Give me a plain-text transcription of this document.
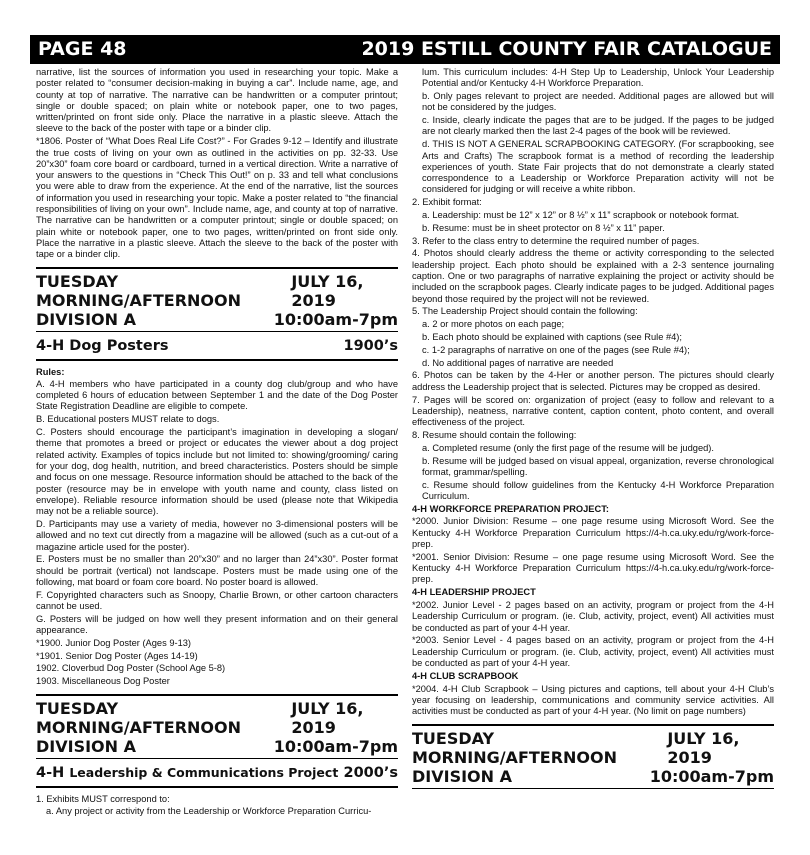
PAGE 48	2019 ESTILL COUNTY FAIR CATALOGUE

narrative, list the sources of information you used in researching your topic. Make a poster related to “consumer decision-making in buying a car”. Include name, age, and county at top of narrative. The narrative can be handwritten or a computer printout; single or double spaced; on plain white or notebook paper, one to two pages, written/printed on front side only. Place the narrative in a plastic sleeve. Attach the sleeve to the back of the poster with tape or a binder clip.

*1806. Poster of “What Does Real Life Cost?” - For Grades 9-12 – Identify and illustrate the true costs of living on your own as outlined in the activities on pp. 32-33. Use 20”x30” foam core board or cardboard, turned in a vertical direction. Write a narrative of your answers to the questions in “Check This Out!” on p. 33 and tell what conclusions you were able to draw from the experience. At the end of the narrative, list the sources of information you used in researching your topic. Make a poster related to “the financial responsibilities of living on your own”. Include name, age, and county at top of narrative. The narrative can be handwritten or a computer printout; single or double spaced; on plain white or notebook paper, one to two pages, written/printed on front side only. Place the narrative in a plastic sleeve. Attach the sleeve to the back of the poster with tape or a binder clip.

TUESDAY MORNING/AFTERNOON
JULY 16, 2019
DIVISION A	10:00am-7pm
4-H Dog Posters	1900’s

Rules:

A. 4-H members who have participated in a county dog club/group and who have completed 6 hours of education between September 1 and the date of the Dog Poster State Registration Deadline are eligible to compete.

B. Educational posters MUST relate to dogs.

C. Posters should encourage the participant’s imagination in developing a slogan/ theme that promotes a breed or project or educates the viewer about a dog project related activity. Examples of topics include but not limited to: showing/grooming/ caring for your dog, dog health, nutrition, and breed characteristics. Posters should be simple and focus on one message. Resource information should be attached to the back of the poster (resource may be in envelope with youth name and county, class listed on envelope). Reliable resource information should be used (please note that Wikipedia may not be a reliable source).

D. Participants may use a variety of media, however no 3-dimensional posters will be allowed and no text cut directly from a magazine will be allowed (such as a cut-out of a magazine article used for the poster).

E. Posters must be no smaller than 20”x30” and no larger than 24”x30”. Poster format should be portrait (vertical) not landscape. Posters must be made using one of the following, mat board or foam core board. No poster board is allowed.

F. Copyrighted characters such as Snoopy, Charlie Brown, or other cartoon characters cannot be used.

G. Posters will be judged on how well they present information and on their general appearance.

*1900. Junior Dog Poster (Ages 9-13)

*1901. Senior Dog Poster (Ages 14-19)

1902. Cloverbud Dog Poster (School Age 5-8)

1903. Miscellaneous Dog Poster

TUESDAY MORNING/AFTERNOON
JULY 16, 2019
DIVISION A	10:00am-7pm
4-H Leadership & Communications Project 2000’s

1. Exhibits MUST correspond to:

a. Any project or activity from the Leadership or Workforce Preparation Curricu-

lum. This curriculum includes: 4-H Step Up to Leadership, Unlock Your Leadership Potential and/or Kentucky 4-H Workforce Preparation.

b. Only pages relevant to project are needed. Additional pages are allowed but will not be considered by the judges.

c. Inside, clearly indicate the pages that are to be judged. If the pages to be judged are not clearly marked then the last 2-4 pages of the book will be reviewed.

d. THIS IS NOT A GENERAL SCRAPBOOKING CATEGORY. (For scrapbooking, see Arts and Crafts) The scrapbook format is a method of recording the leadership experiences of youth. State Fair projects that do not demonstrate a clearly stated correspondence to a Leadership or Workforce Preparation activity will not be considered for judging or will receive a white ribbon.

2. Exhibit format:

a. Leadership: must be 12” x 12” or 8 ½” x 11” scrapbook or notebook format.

b. Resume: must be in sheet protector on 8 ½” x 11” paper.

3. Refer to the class entry to determine the required number of pages.

4. Photos should clearly address the theme or activity corresponding to the selected leadership project. Each photo should be explained with a 2-3 sentence journaling caption. One or two paragraphs of narrative explaining the project or activity should be included on the scrapbook pages. Clearly indicate pages to be judged. Additional pages beyond those required by the project will not be reviewed.

5. The Leadership Project should contain the following:

a. 2 or more photos on each page;

b. Each photo should be explained with captions (see Rule #4);

c. 1-2 paragraphs of narrative on one of the pages (see Rule #4);

d. No additional pages of narrative are needed

6. Photos can be taken by the 4-Her or another person. The pictures should clearly address the Leadership project that is selected. Pictures may be cropped as desired.

7. Pages will be scored on: organization of project (easy to follow and relevant to a Leadership), neatness, narrative content, caption content, photo content, and overall effectiveness of the project.

8. Resume should contain the following:

a. Completed resume (only the first page of the resume will be judged).

b. Resume will be judged based on visual appeal, organization, reverse chronological format, grammar/spelling.

c. Resume should follow guidelines from the Kentucky 4-H Workforce Preparation Curriculum.

4-H WORKFORCE PREPARATION PROJECT:

*2000. Junior Division: Resume – one page resume using Microsoft Word. See the Kentucky 4-H Workforce Preparation Curriculum https://4-h.ca.uky.edu/rg/work-force-prep.

*2001. Senior Division: Resume – one page resume using Microsoft Word. See the Kentucky 4-H Workforce Preparation Curriculum https://4-h.ca.uky.edu/rg/work-force-prep.

4-H LEADERSHIP PROJECT

*2002. Junior Level - 2 pages based on an activity, program or project from the 4-H Leadership Curriculum or program. (ie. Club, activity, project, event) All activities must be conducted as part of your 4-H year.

*2003. Senior Level - 4 pages based on an activity, program or project from the 4-H Leadership Curriculum or program. (ie. Club, activity, project, event) All activities must be conducted as part of your 4-H year.

4-H CLUB SCRAPBOOK

*2004. 4-H Club Scrapbook – Using pictures and captions, tell about your 4-H Club’s year focusing on leadership, communications and community service activities. All activities must be conducted as part of your 4-H year. (No limit on page numbers)

TUESDAY MORNING/AFTERNOON
JULY 16, 2019
DIVISION A	10:00am-7pm
